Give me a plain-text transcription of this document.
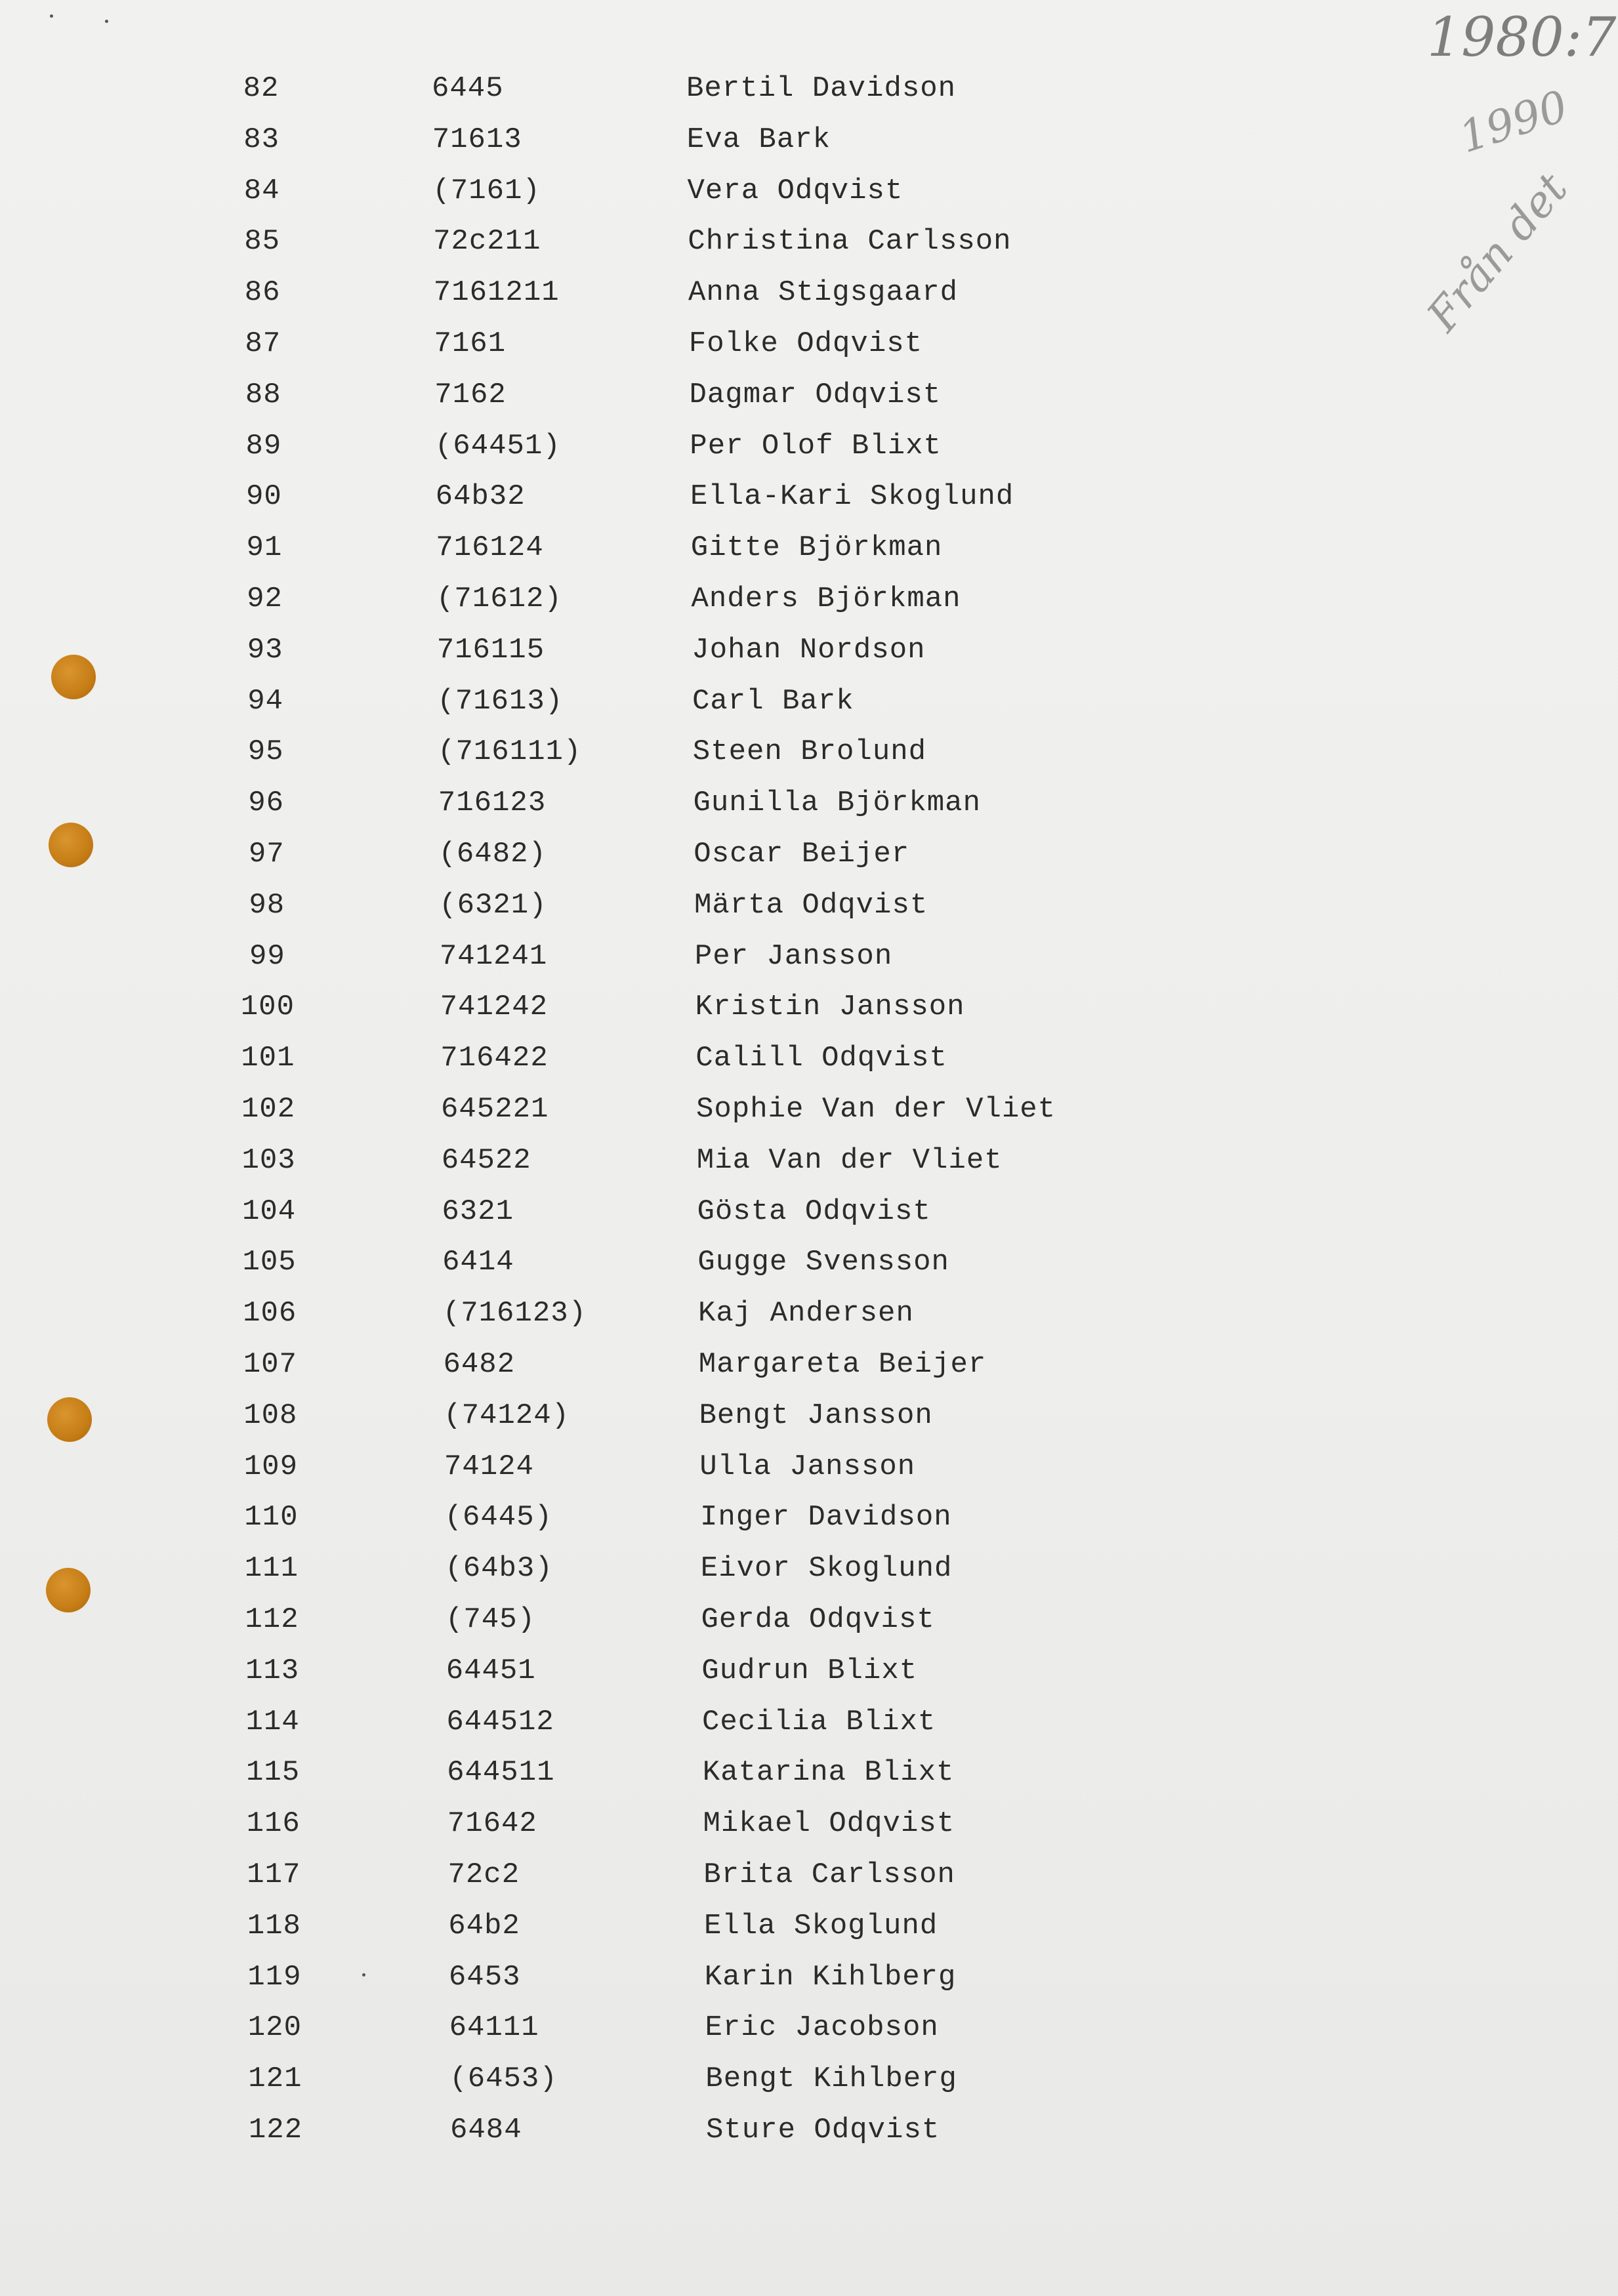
1980:7
1990
Från det
82	6445	Bertil Davidson
83	71613	Eva Bark
84	(7161)	Vera Odqvist
85	72c211	Christina Carlsson
86	7161211	Anna Stigsgaard
87	7161	Folke Odqvist
88	7162	Dagmar Odqvist
89	(64451)	Per Olof Blixt
90	64b32	Ella-Kari Skoglund
91	716124	Gitte Björkman
92	(71612)	Anders Björkman
93	716115	Johan Nordson
94	(71613)	Carl Bark
95	(716111)	Steen Brolund
96	716123	Gunilla Björkman
97	(6482)	Oscar Beijer
98	(6321)	Märta Odqvist
99	741241	Per Jansson
100	741242	Kristin Jansson
101	716422	Calill Odqvist
102	645221	Sophie Van der Vliet
103	64522	Mia Van der Vliet
104	6321	Gösta Odqvist
105	6414	Gugge Svensson
106	(716123)	Kaj Andersen
107	6482	Margareta Beijer
108	(74124)	Bengt Jansson
109	74124	Ulla Jansson
110	(6445)	Inger Davidson
111	(64b3)	Eivor Skoglund
112	(745)	Gerda Odqvist
113	64451	Gudrun Blixt
114	644512	Cecilia Blixt
115	644511	Katarina Blixt
116	71642	Mikael Odqvist
117	72c2	Brita Carlsson
118	64b2	Ella Skoglund
119	6453	Karin Kihlberg
120	64111	Eric Jacobson
121	(6453)	Bengt Kihlberg
122	6484	Sture Odqvist
